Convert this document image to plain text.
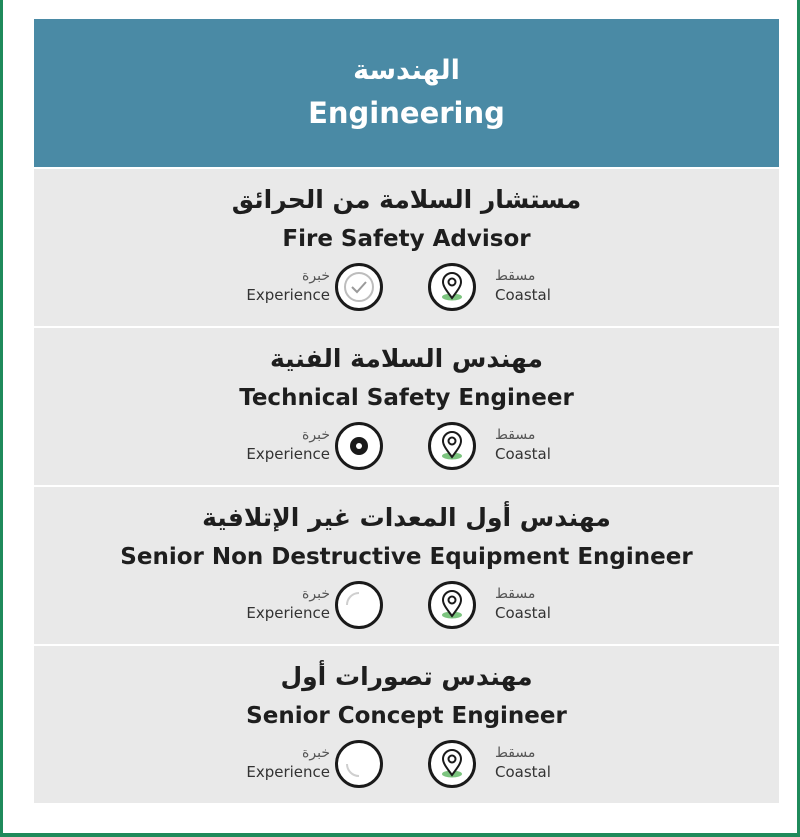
الهندسة
Engineering
مستشار السلامة من الحرائق
Fire Safety Advisor
خبرة
Experience
مسقط
Coastal
مهندس السلامة الفنية
Technical Safety Engineer
خبرة
Experience
مسقط
Coastal
مهندس أول المعدات غير الإتلافية
Senior Non Destructive Equipment Engineer
خبرة
Experience
مسقط
Coastal
مهندس تصورات أول
Senior Concept Engineer
خبرة
Experience
مسقط
Coastal
